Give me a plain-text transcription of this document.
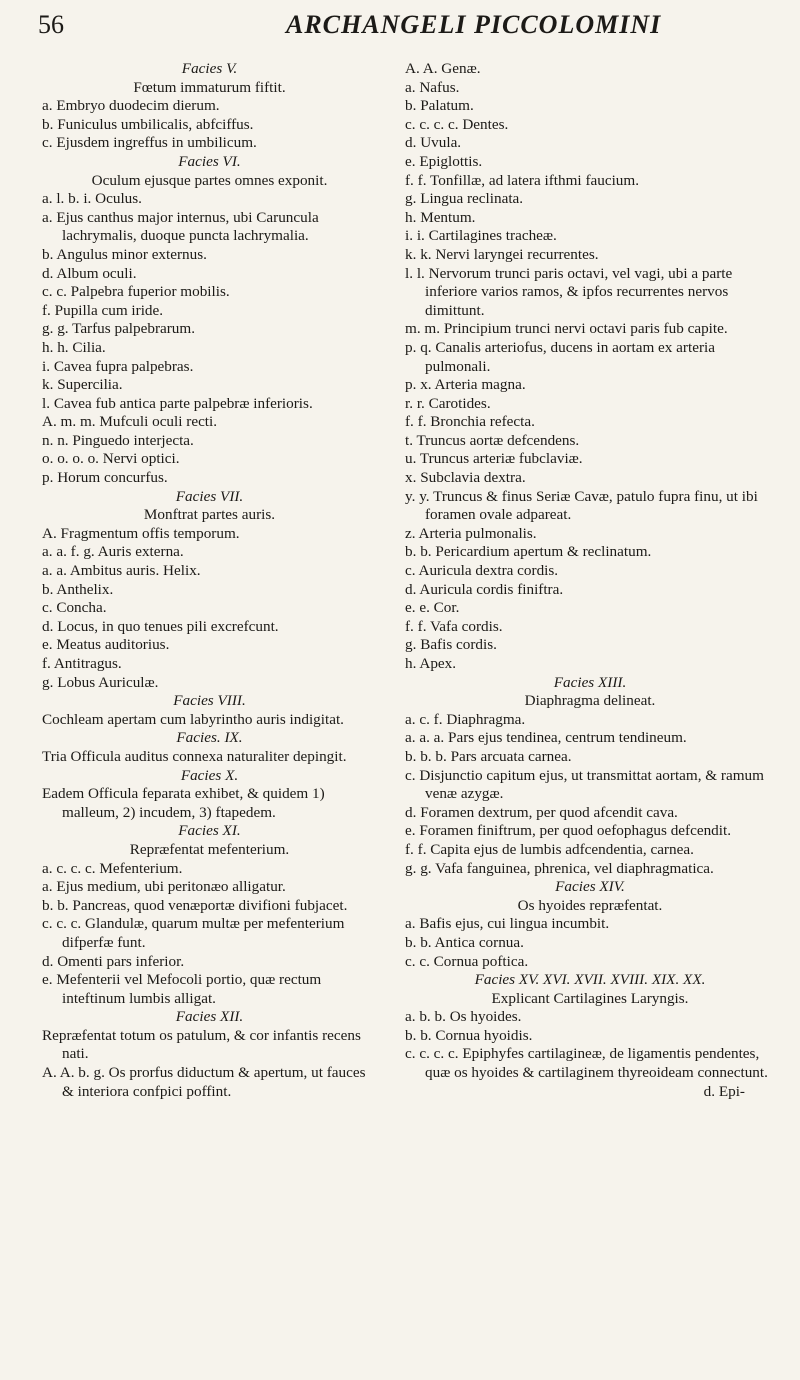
56	ARCHANGELI PICCOLOMINI
Facies V.
Fœtum immaturum fiftit.
a. Embryo duodecim dierum.
b. Funiculus umbilicalis, abfciffus.
c. Ejusdem ingreffus in umbilicum.
Facies VI.
Oculum ejusque partes omnes exponit.
a. l. b. i. Oculus.
a. Ejus canthus major internus, ubi Caruncula lachrymalis, duoque puncta lachrymalia.
b. Angulus minor externus.
d. Album oculi.
c. c. Palpebra fuperior mobilis.
f. Pupilla cum iride.
g. g. Tarfus palpebrarum.
h. h. Cilia.
i. Cavea fupra palpebras.
k. Supercilia.
l. Cavea fub antica parte palpebræ inferioris.
A. m. m. Mufculi oculi recti.
n. n. Pinguedo interjecta.
o. o. o. o. Nervi optici.
p. Horum concurfus.
Facies VII.
Monftrat partes auris.
A. Fragmentum offis temporum.
a. a. f. g. Auris externa.
a. a. Ambitus auris. Helix.
b. Anthelix.
c. Concha.
d. Locus, in quo tenues pili excrefcunt.
e. Meatus auditorius.
f. Antitragus.
g. Lobus Auriculæ.
Facies VIII.
Cochleam apertam cum labyrintho auris indigitat.
Facies. IX.
Tria Officula auditus connexa naturaliter depingit.
Facies X.
Eadem Officula feparata exhibet, & quidem 1) malleum, 2) incudem, 3) ftapedem.
Facies XI.
Repræfentat mefenterium.
a. c. c. c. Mefenterium.
a. Ejus medium, ubi peritonæo alligatur.
b. b. Pancreas, quod venæportæ divifioni fubjacet.
c. c. c. Glandulæ, quarum multæ per mefenterium difperfæ funt.
d. Omenti pars inferior.
e. Mefenterii vel Mefocoli portio, quæ rectum inteftinum lumbis alligat.
Facies XII.
Repræfentat totum os patulum, & cor infantis recens nati.
A. A. b. g. Os prorfus diductum & apertum, ut fauces & interiora confpici poffint.
A. A. Genæ.
a. Nafus.
b. Palatum.
c. c. c. c. Dentes.
d. Uvula.
e. Epiglottis.
f. f. Tonfillæ, ad latera ifthmi faucium.
g. Lingua reclinata.
h. Mentum.
i. i. Cartilagines tracheæ.
k. k. Nervi laryngei recurrentes.
l. l. Nervorum trunci paris octavi, vel vagi, ubi a parte inferiore varios ramos, & ipfos recurrentes nervos dimittunt.
m. m. Principium trunci nervi octavi paris fub capite.
p. q. Canalis arteriofus, ducens in aortam ex arteria pulmonali.
p. x. Arteria magna.
r. r. Carotides.
f. f. Bronchia refecta.
t. Truncus aortæ defcendens.
u. Truncus arteriæ fubclaviæ.
x. Subclavia dextra.
y. y. Truncus & finus Seriæ Cavæ, patulo fupra finu, ut ibi foramen ovale adpareat.
z. Arteria pulmonalis.
b. b. Pericardium apertum & reclinatum.
c. Auricula dextra cordis.
d. Auricula cordis finiftra.
e. e. Cor.
f. f. Vafa cordis.
g. Bafis cordis.
h. Apex.
Facies XIII.
Diaphragma delineat.
a. c. f. Diaphragma.
a. a. a. Pars ejus tendinea, centrum tendineum.
b. b. b. Pars arcuata carnea.
c. Disjunctio capitum ejus, ut transmittat aortam, & ramum venæ azygæ.
d. Foramen dextrum, per quod afcendit cava.
e. Foramen finiftrum, per quod oefophagus defcendit.
f. f. Capita ejus de lumbis adfcendentia, carnea.
g. g. Vafa fanguinea, phrenica, vel diaphragmatica.
Facies XIV.
Os hyoides repræfentat.
a. Bafis ejus, cui lingua incumbit.
b. b. Antica cornua.
c. c. Cornua poftica.
Facies XV. XVI. XVII. XVIII. XIX. XX.
Explicant Cartilagines Laryngis.
a. b. b. Os hyoides.
b. b. Cornua hyoidis.
c. c. c. c. Epiphyfes cartilagineæ, de ligamentis pendentes, quæ os hyoides & cartilaginem thyreoideam connectunt.
d. Epi-
